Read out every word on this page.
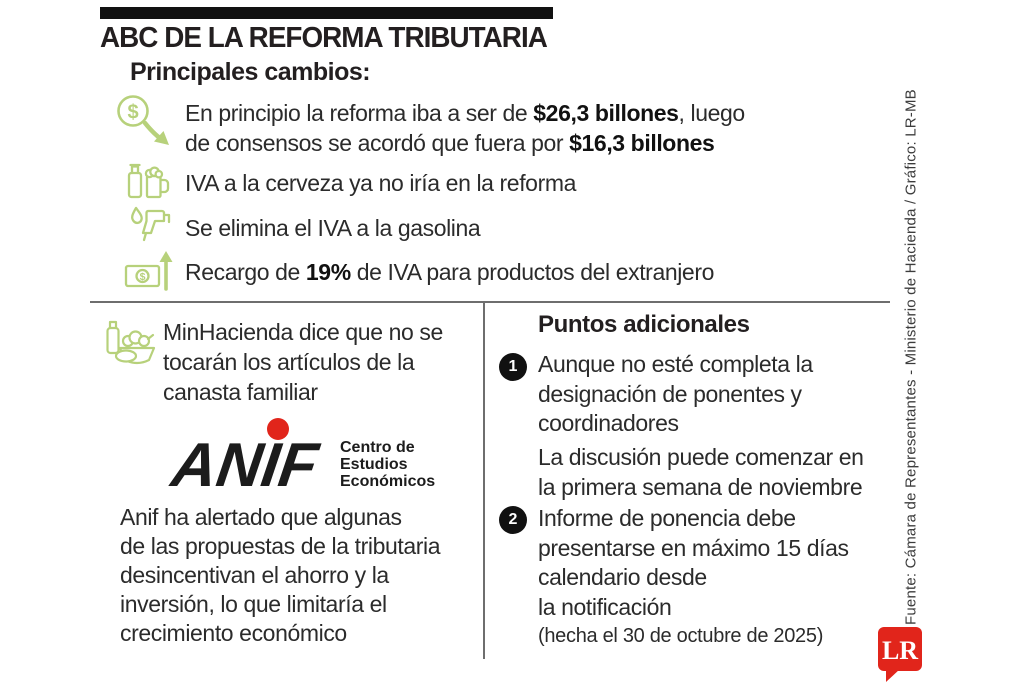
ABC DE LA REFORMA TRIBUTARIA
Principales cambios:
$ En principio la reforma iba a ser de $26,3 billones, luego
de consensos se acordó que fuera por $16,3 billones
IVA a la cerveza ya no iría en la reforma
Se elimina el IVA a la gasolina
$ Recargo de 19% de IVA para productos del extranjero
MinHacienda dice que no se
tocarán los artículos de la
canasta familiar
ANIF Centro de
Estudios
Económicos
Anif ha alertado que algunas
de las propuestas de la tributaria
desincentivan el ahorro y la
inversión, lo que limitaría el
crecimiento económico
Puntos adicionales
1 Aunque no esté completa la
designación de ponentes y
coordinadores
La discusión puede comenzar en
la primera semana de noviembre
2 Informe de ponencia debe
presentarse en máximo 15 días
calendario desde
la notificación
(hecha el 30 de octubre de 2025)
Fuente: Cámara de Representantes - Ministerio de Hacienda / Gráfico: LR-MB
LR
